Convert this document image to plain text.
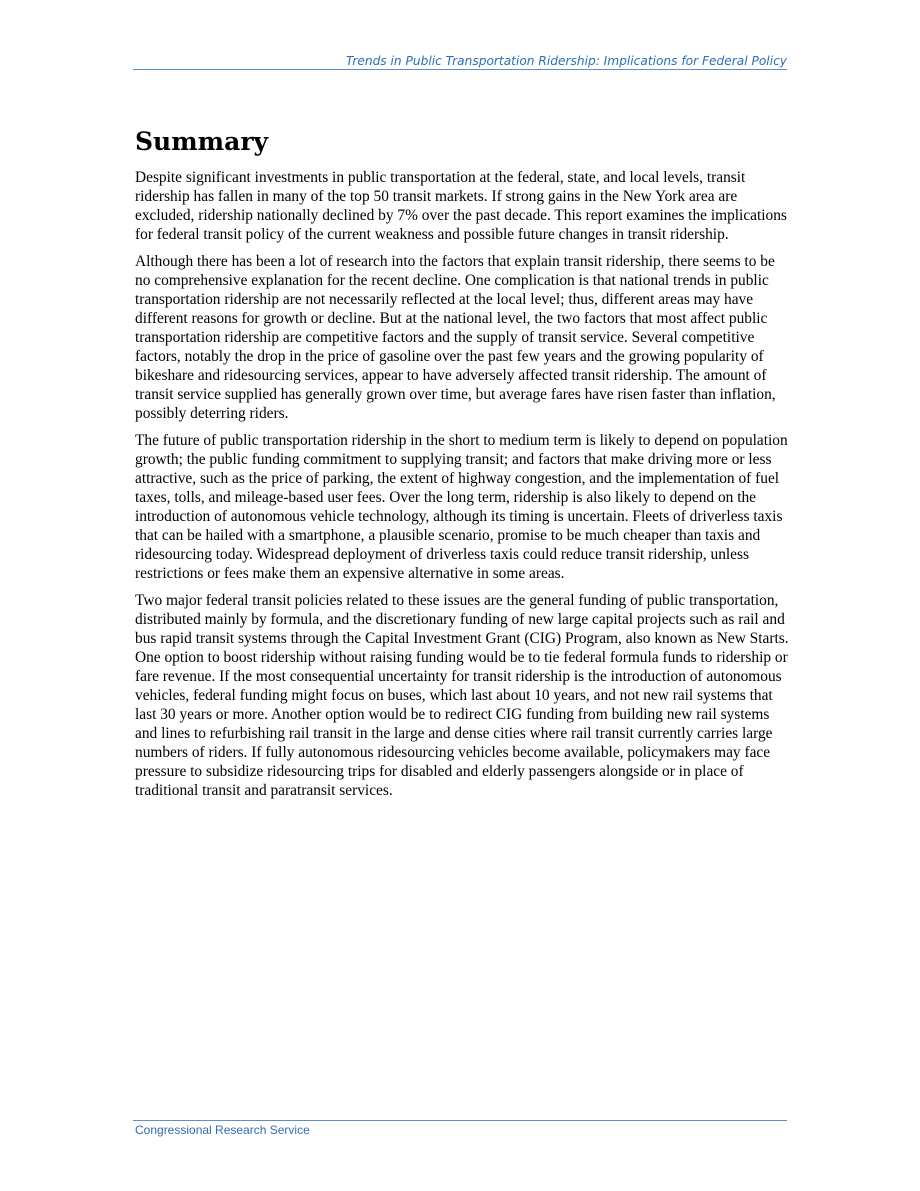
Trends in Public Transportation Ridership: Implications for Federal Policy
Summary

Despite significant investments in public transportation at the federal, state, and local levels, transit ridership has fallen in many of the top 50 transit markets. If strong gains in the New York area are excluded, ridership nationally declined by 7% over the past decade. This report examines the implications for federal transit policy of the current weakness and possible future changes in transit ridership.

Although there has been a lot of research into the factors that explain transit ridership, there seems to be no comprehensive explanation for the recent decline. One complication is that national trends in public transportation ridership are not necessarily reflected at the local level; thus, different areas may have different reasons for growth or decline. But at the national level, the two factors that most affect public transportation ridership are competitive factors and the supply of transit service. Several competitive factors, notably the drop in the price of gasoline over the past few years and the growing popularity of bikeshare and ridesourcing services, appear to have adversely affected transit ridership. The amount of transit service supplied has generally grown over time, but average fares have risen faster than inflation, possibly deterring riders.

The future of public transportation ridership in the short to medium term is likely to depend on population growth; the public funding commitment to supplying transit; and factors that make driving more or less attractive, such as the price of parking, the extent of highway congestion, and the implementation of fuel taxes, tolls, and mileage-based user fees. Over the long term, ridership is also likely to depend on the introduction of autonomous vehicle technology, although its timing is uncertain. Fleets of driverless taxis that can be hailed with a smartphone, a plausible scenario, promise to be much cheaper than taxis and ridesourcing today. Widespread deployment of driverless taxis could reduce transit ridership, unless restrictions or fees make them an expensive alternative in some areas.

Two major federal transit policies related to these issues are the general funding of public transportation, distributed mainly by formula, and the discretionary funding of new large capital projects such as rail and bus rapid transit systems through the Capital Investment Grant (CIG) Program, also known as New Starts. One option to boost ridership without raising funding would be to tie federal formula funds to ridership or fare revenue. If the most consequential uncertainty for transit ridership is the introduction of autonomous vehicles, federal funding might focus on buses, which last about 10 years, and not new rail systems that last 30 years or more. Another option would be to redirect CIG funding from building new rail systems and lines to refurbishing rail transit in the large and dense cities where rail transit currently carries large numbers of riders. If fully autonomous ridesourcing vehicles become available, policymakers may face pressure to subsidize ridesourcing trips for disabled and elderly passengers alongside or in place of traditional transit and paratransit services.

Congressional Research Service
